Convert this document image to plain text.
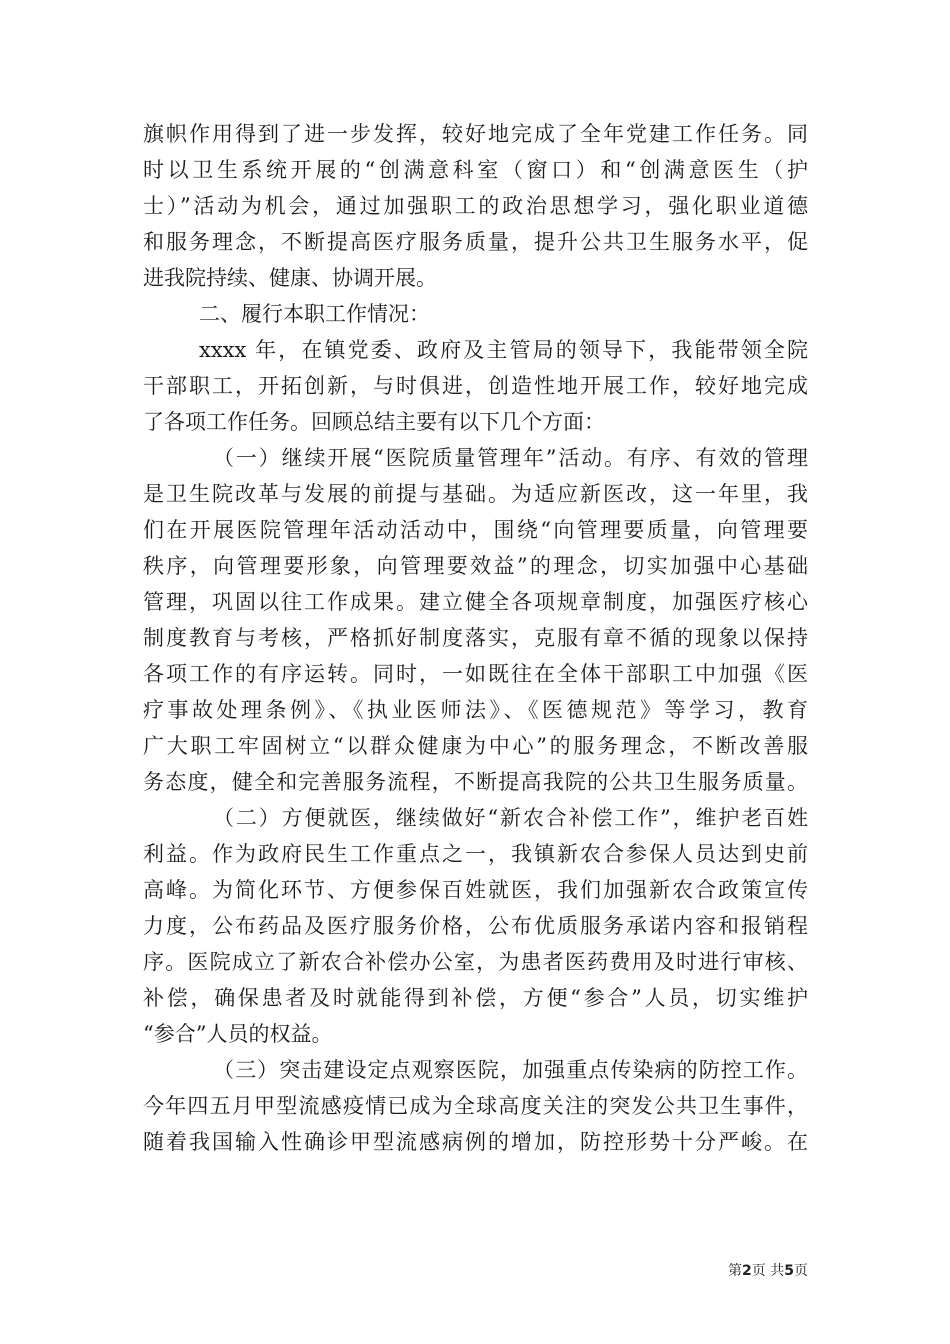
旗帜作用得到了进一步发挥，较好地完成了全年党建工作任务。同
时以卫生系统开展的“创满意科室（窗口）和“创满意医生（护
士）”活动为机会，通过加强职工的政治思想学习，强化职业道德
和服务理念，不断提高医疗服务质量，提升公共卫生服务水平，促
进我院持续、健康、协调开展。
二、履行本职工作情况：
xxxx 年，在镇党委、政府及主管局的领导下，我能带领全院
干部职工，开拓创新，与时俱进，创造性地开展工作，较好地完成
了各项工作任务。回顾总结主要有以下几个方面：
（一）继续开展“医院质量管理年”活动。有序、有效的管理
是卫生院改革与发展的前提与基础。为适应新医改，这一年里，我
们在开展医院管理年活动活动中，围绕“向管理要质量，向管理要
秩序，向管理要形象，向管理要效益”的理念，切实加强中心基础
管理，巩固以往工作成果。建立健全各项规章制度，加强医疗核心
制度教育与考核，严格抓好制度落实，克服有章不循的现象以保持
各项工作的有序运转。同时，一如既往在全体干部职工中加强《医
疗事故处理条例》、《执业医师法》、《医德规范》等学习，教育
广大职工牢固树立“以群众健康为中心”的服务理念，不断改善服
务态度，健全和完善服务流程，不断提高我院的公共卫生服务质量。
（二）方便就医，继续做好“新农合补偿工作”，维护老百姓
利益。作为政府民生工作重点之一，我镇新农合参保人员达到史前
高峰。为简化环节、方便参保百姓就医，我们加强新农合政策宣传
力度，公布药品及医疗服务价格，公布优质服务承诺内容和报销程
序。医院成立了新农合补偿办公室，为患者医药费用及时进行审核、
补偿，确保患者及时就能得到补偿，方便“参合”人员，切实维护
“参合”人员的权益。
（三）突击建设定点观察医院，加强重点传染病的防控工作。
今年四五月甲型流感疫情已成为全球高度关注的突发公共卫生事件，
随着我国输入性确诊甲型流感病例的增加，防控形势十分严峻。在
第2页 共5页
